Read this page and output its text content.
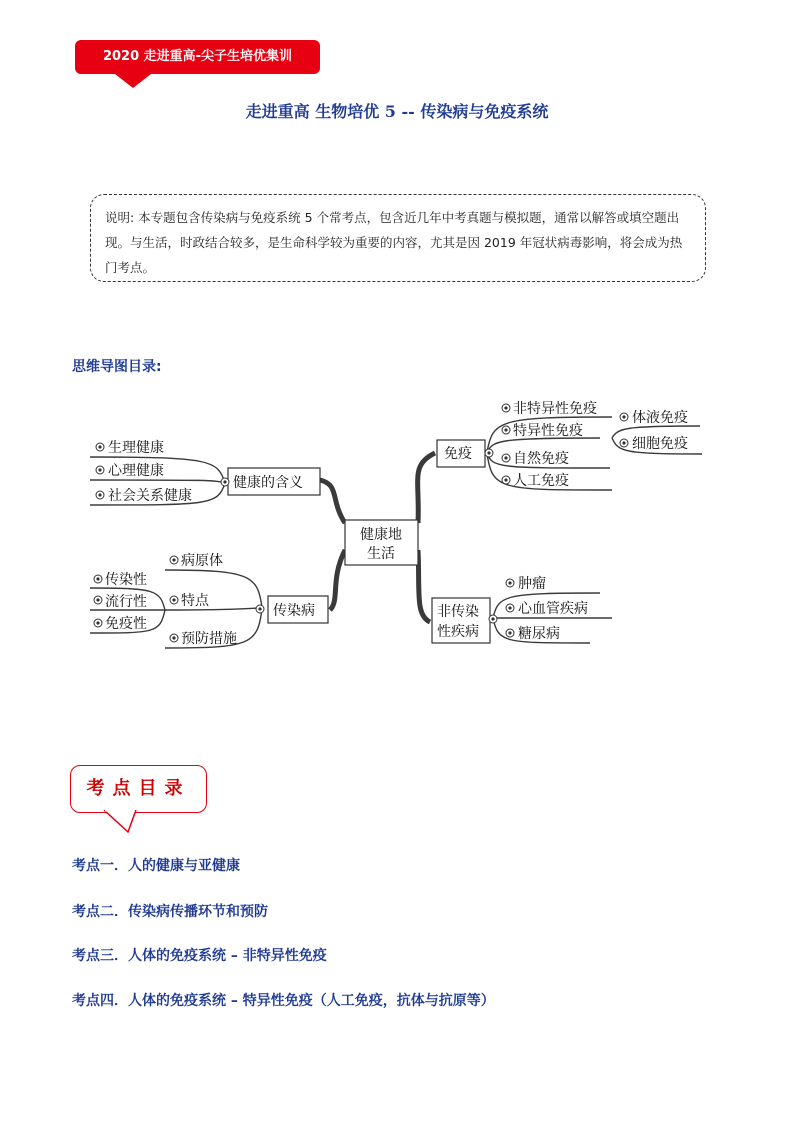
2020 走进重高-尖子生培优集训
走进重高 生物培优 5 -- 传染病与免疫系统
说明: 本专题包含传染病与免疫系统 5 个常考点，包含近几年中考真题与模拟题，通常以解答或填空题出现。与生活，时政结合较多，是生命科学较为重要的内容，尤其是因 2019 年冠状病毒影响，将会成为热门考点。
思维导图目录:
健康地
生活
健康的含义
生理健康
心理健康
社会关系健康
传染病
病原体
特点
预防措施
传染性
流行性
免疫性
免疫
非特异性免疫
特异性免疫
自然免疫
人工免疫
体液免疫
细胞免疫
非传染
性疾病
肿瘤
心血管疾病
糖尿病
考点目录
考点一．人的健康与亚健康
考点二．传染病传播环节和预防
考点三．人体的免疫系统 – 非特异性免疫
考点四．人体的免疫系统 – 特异性免疫（人工免疫，抗体与抗原等）
